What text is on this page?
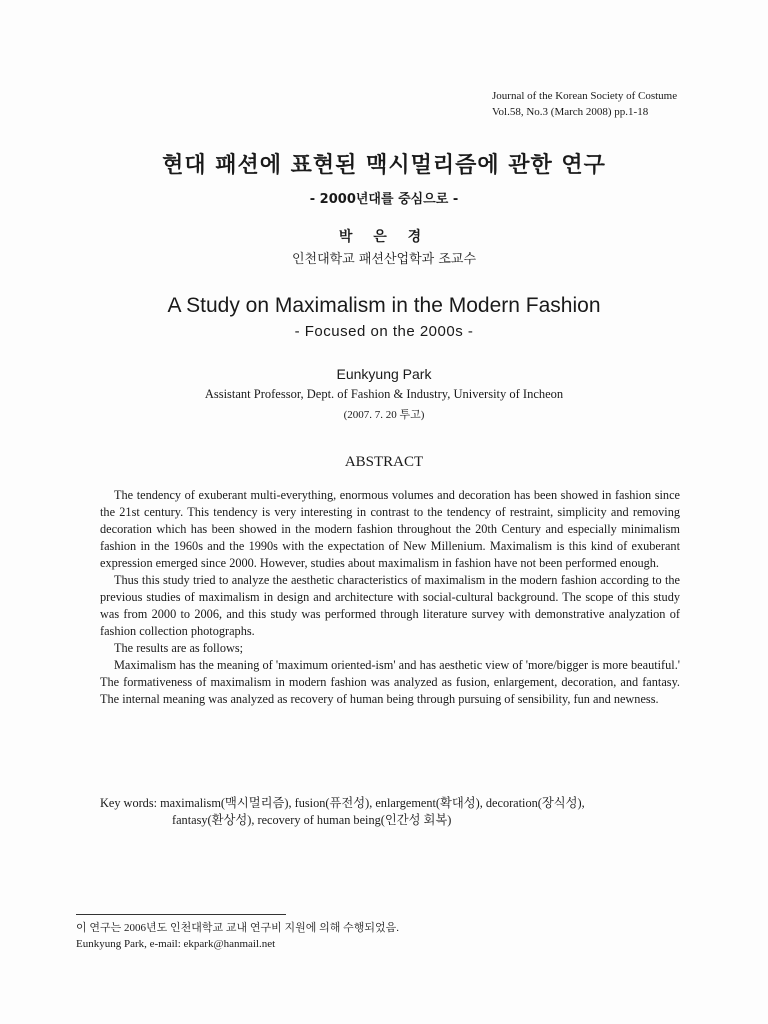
Journal of the Korean Society of Costume
Vol.58, No.3 (March 2008) pp.1-18
현대 패션에 표현된 맥시멀리즘에 관한 연구
- 2000년대를 중심으로 -
박 은 경
인천대학교 패션산업학과 조교수
A Study on Maximalism in the Modern Fashion
- Focused on the 2000s -
Eunkyung Park
Assistant Professor, Dept. of Fashion & Industry, University of Incheon
(2007. 7. 20 투고)
ABSTRACT

The tendency of exuberant multi-everything, enormous volumes and decoration has been showed in fashion since the 21st century. This tendency is very interesting in contrast to the tendency of restraint, simplicity and removing decoration which has been showed in the modern fashion throughout the 20th Century and especially minimalism fashion in the 1960s and the 1990s with the expectation of New Millenium. Maximalism is this kind of exuberant expression emerged since 2000. However, studies about maximalism in fashion have not been performed enough.

Thus this study tried to analyze the aesthetic characteristics of maximalism in the modern fashion according to the previous studies of maximalism in design and architecture with social-cultural background. The scope of this study was from 2000 to 2006, and this study was performed through literature survey with demonstrative analyzation of fashion collection photographs.

The results are as follows;

Maximalism has the meaning of 'maximum oriented-ism' and has aesthetic view of 'more/bigger is more beautiful.' The formativeness of maximalism in modern fashion was analyzed as fusion, enlargement, decoration, and fantasy. The internal meaning was analyzed as recovery of human being through pursuing of sensibility, fun and newness.

Key words: maximalism(맥시멀리즘), fusion(퓨전성), enlargement(확대성), decoration(장식성),
fantasy(환상성), recovery of human being(인간성 회복)
이 연구는 2006년도 인천대학교 교내 연구비 지원에 의해 수행되었음.
Eunkyung Park, e-mail: ekpark@hanmail.net
